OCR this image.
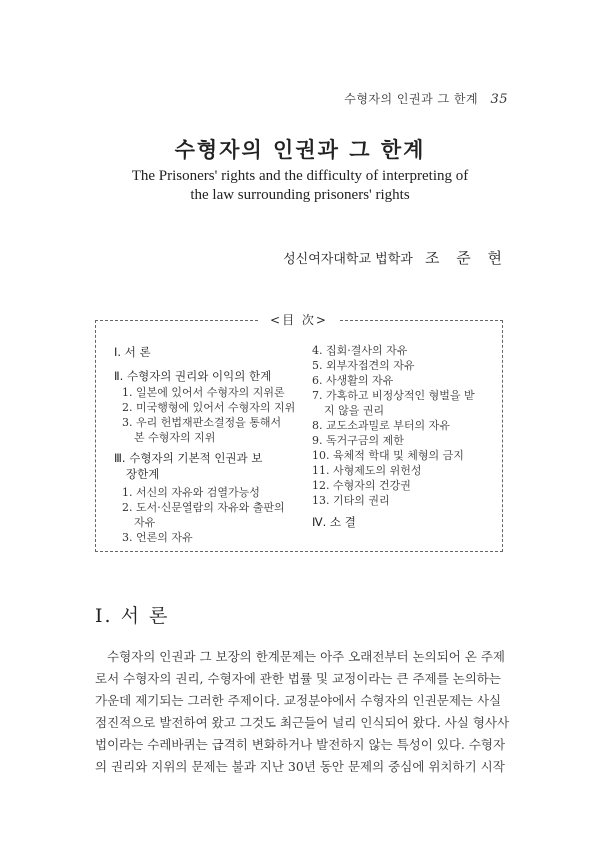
수형자의 인권과 그 한계 35
수형자의 인권과 그 한계
The Prisoners' rights and the difficulty of interpreting of
the law surrounding prisoners' rights
성신여자대학교 법학과 조 준 현
<目 次>
Ⅰ. 서 론
Ⅱ. 수형자의 권리와 이익의 한계
1. 일본에 있어서 수형자의 지위론
2. 미국행형에 있어서 수형자의 지위
3. 우리 헌법재판소결정을 통해서
본 수형자의 지위
Ⅲ. 수형자의 기본적 인권과 보
장한계
1. 서신의 자유와 검열가능성
2. 도서·신문열람의 자유와 출판의
자유
3. 언론의 자유
4. 집회·결사의 자유
5. 외부자접견의 자유
6. 사생활의 자유
7. 가혹하고 비정상적인 형벌을 받
지 않을 권리
8. 교도소과밀로 부터의 자유
9. 독거구금의 제한
10. 육체적 학대 및 체형의 금지
11. 사형제도의 위헌성
12. 수형자의 건강권
13. 기타의 권리
Ⅳ. 소 결
Ⅰ. 서 론
수형자의 인권과 그 보장의 한계문제는 아주 오래전부터 논의되어 온 주제
로서 수형자의 권리, 수형자에 관한 법률 및 교정이라는 큰 주제를 논의하는
가운데 제기되는 그러한 주제이다. 교정분야에서 수형자의 인권문제는 사실
점진적으로 발전하여 왔고 그것도 최근들어 널리 인식되어 왔다. 사실 형사사
법이라는 수레바퀴는 급격히 변화하거나 발전하지 않는 특성이 있다. 수형자
의 권리와 지위의 문제는 불과 지난 30년 동안 문제의 중심에 위치하기 시작
